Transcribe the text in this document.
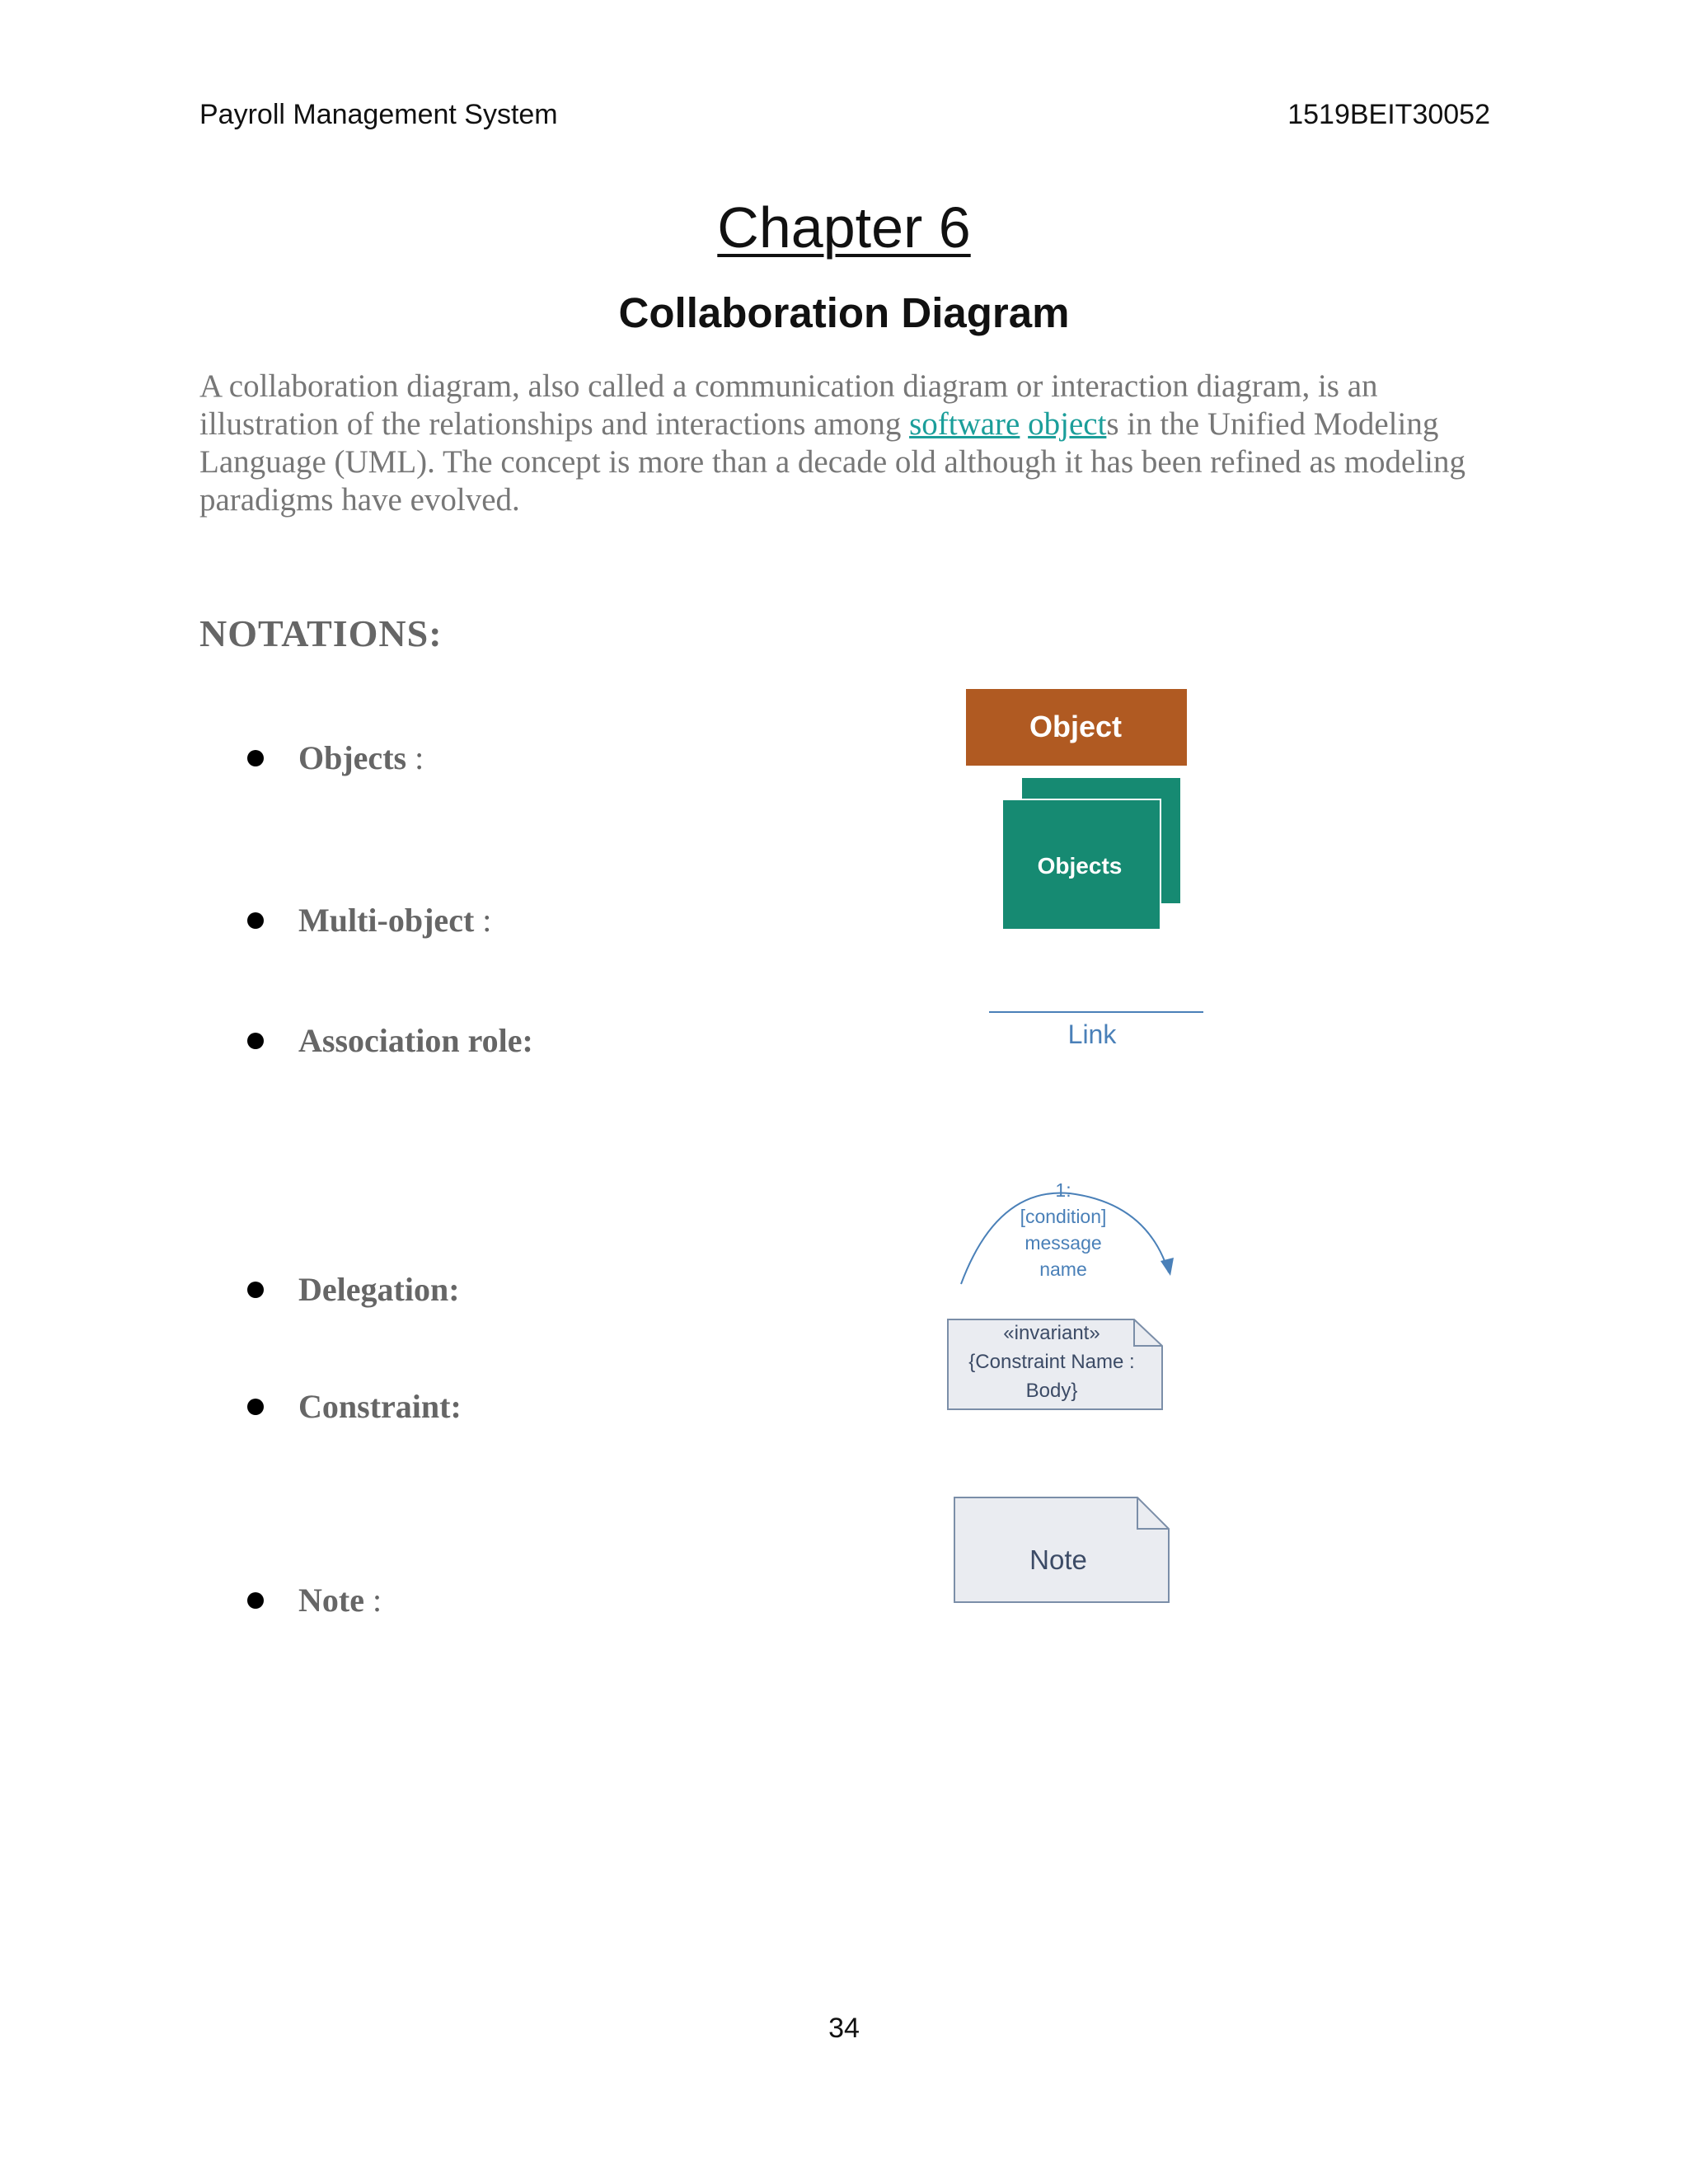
Payroll Management System	1519BEIT30052
Chapter 6
Collaboration Diagram
A collaboration diagram, also called a communication diagram or interaction diagram, is an illustration of the relationships and interactions among software objects in the Unified Modeling Language (UML). The concept is more than a decade old although it has been refined as modeling paradigms have evolved.
NOTATIONS:
Objects :
Multi-object :
Association role:
Delegation:
Constraint:
Note :
Object
Objects
Link
1:
[condition]
message
name
«invariant»
{Constraint Name :
Body}
Note
34
